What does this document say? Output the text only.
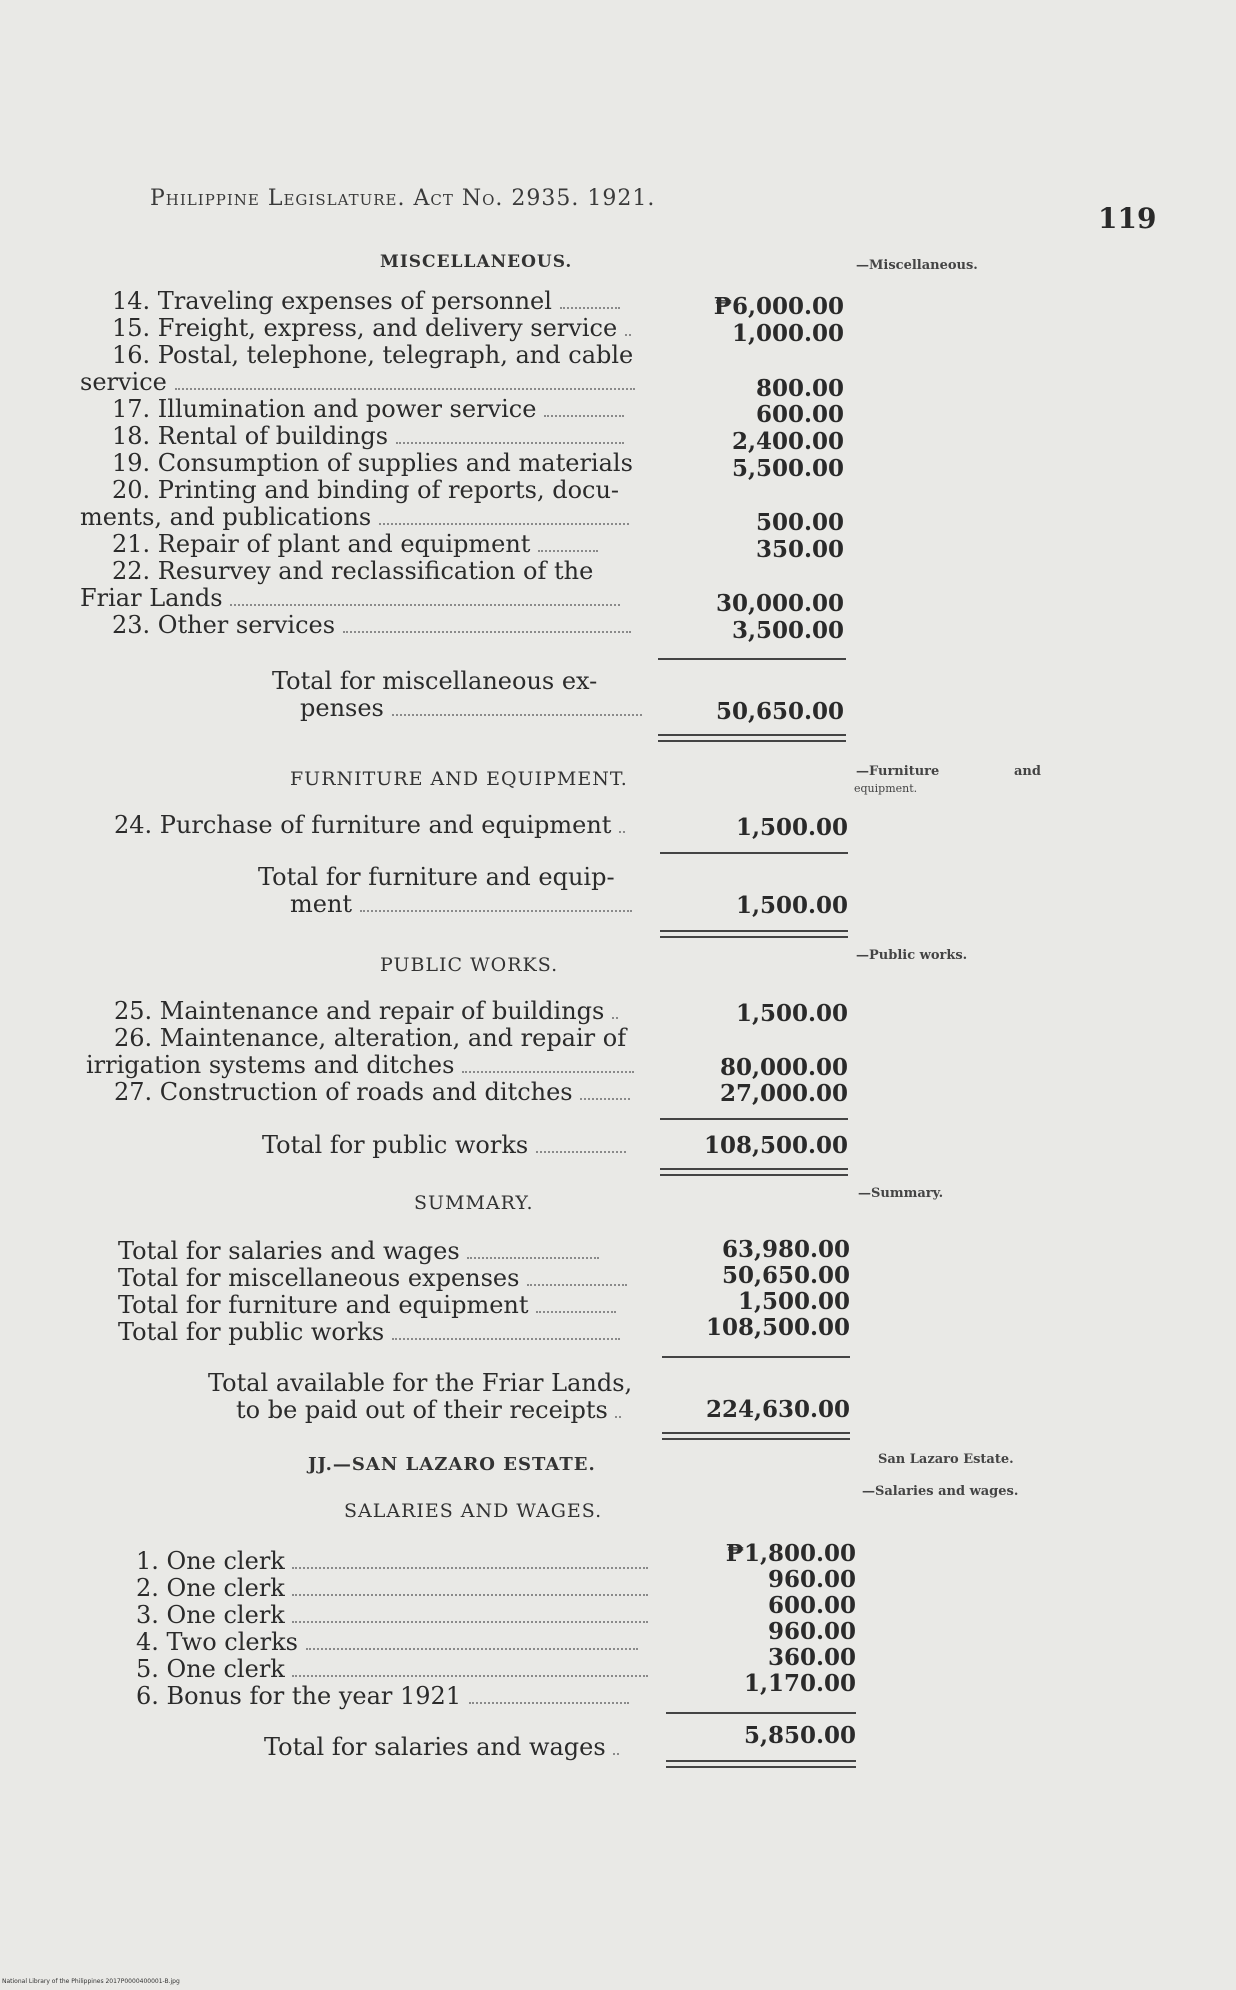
Philippine Legislature. Act No. 2935. 1921.
119
MISCELLANEOUS.	—Miscellaneous.
14. Traveling expenses of personnel	₱6,000.00
15. Freight, express, and delivery service	1,000.00
16. Postal, telephone, telegraph, and cable
service	800.00
17. Illumination and power service	600.00
18. Rental of buildings	2,400.00
19. Consumption of supplies and materials	5,500.00
20. Printing and binding of reports, docu-
ments, and publications	500.00
21. Repair of plant and equipment	350.00
22. Resurvey and reclassification of the
Friar Lands	30,000.00
23. Other services	3,500.00
Total for miscellaneous ex-
penses	50,650.00
FURNITURE AND EQUIPMENT.	—Furniture	and
equipment.
24. Purchase of furniture and equipment	1,500.00
Total for furniture and equip-
ment	1,500.00
PUBLIC WORKS.	—Public works.
25. Maintenance and repair of buildings	1,500.00
26. Maintenance, alteration, and repair of
irrigation systems and ditches	80,000.00
27. Construction of roads and ditches	27,000.00
Total for public works	108,500.00
SUMMARY.	—Summary.
Total for salaries and wages	63,980.00
Total for miscellaneous expenses	50,650.00
Total for furniture and equipment	1,500.00
Total for public works	108,500.00
Total available for the Friar Lands,
to be paid out of their receipts	224,630.00
JJ.—SAN LAZARO ESTATE.	San Lazaro Estate.
—Salaries and wages.
SALARIES AND WAGES.
1. One clerk	₱1,800.00
2. One clerk	960.00
3. One clerk	600.00
4. Two clerks	960.00
5. One clerk	360.00
6. Bonus for the year 1921	1,170.00
Total for salaries and wages	5,850.00
National Library of the Philippines 2017P0000400001-B.jpg
